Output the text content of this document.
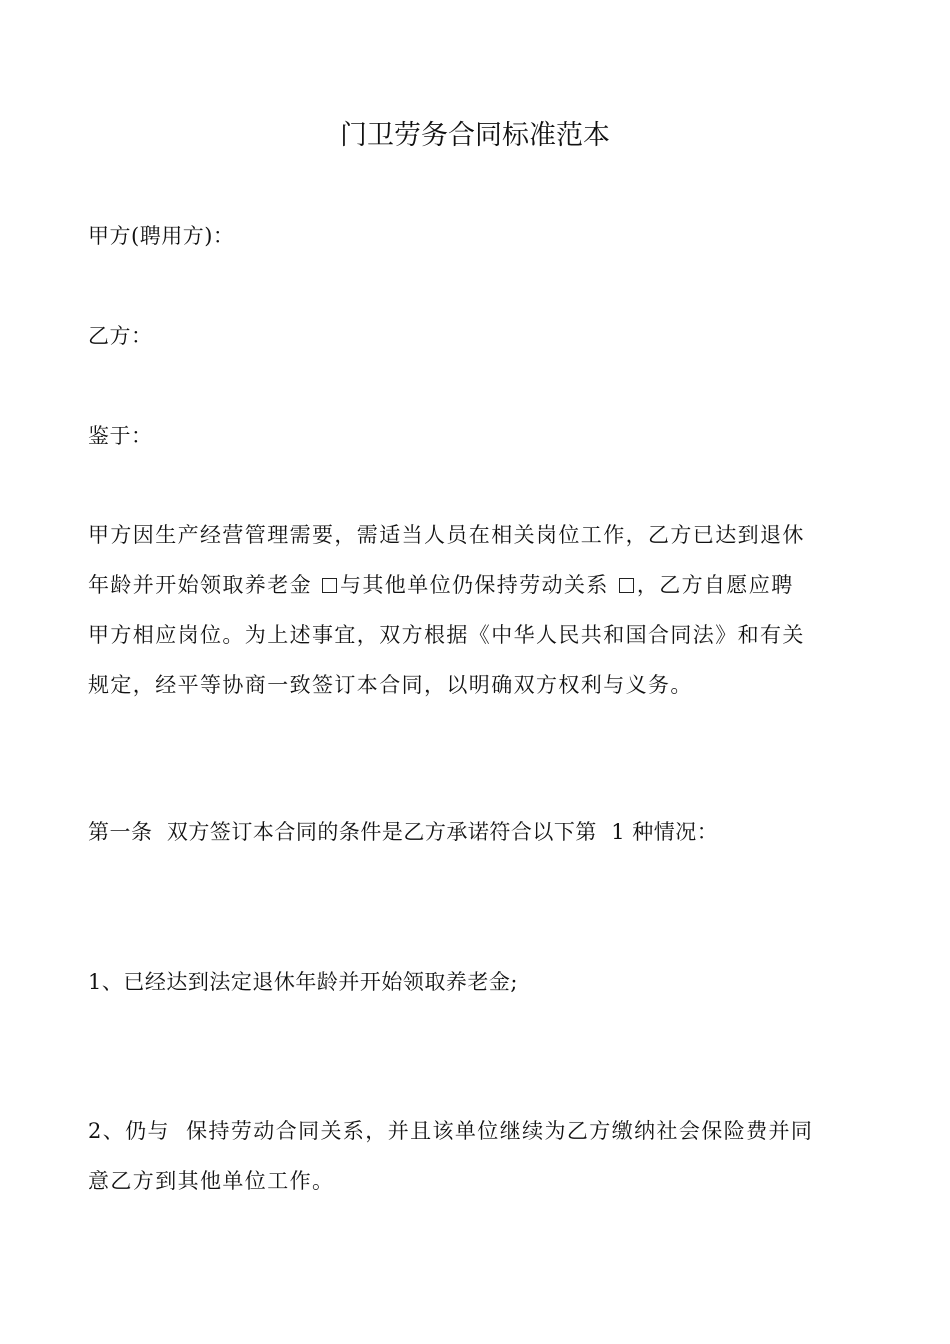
门卫劳务合同标准范本
甲方(聘用方)：
乙方：
鉴于：

甲方因生产经营管理需要，需适当人员在相关岗位工作，乙方已达到退休

年龄并开始领取养老金 与其他单位仍保持劳动关系 ，乙方自愿应聘

甲方相应岗位。为上述事宜，双方根据《中华人民共和国合同法》和有关

规定，经平等协商一致签订本合同，以明确双方权利与义务。

第一条  双方签订本合同的条件是乙方承诺符合以下第  1 种情况：
1、已经达到法定退休年龄并开始领取养老金;

2、仍与  保持劳动合同关系，并且该单位继续为乙方缴纳社会保险费并同

意乙方到其他单位工作。
